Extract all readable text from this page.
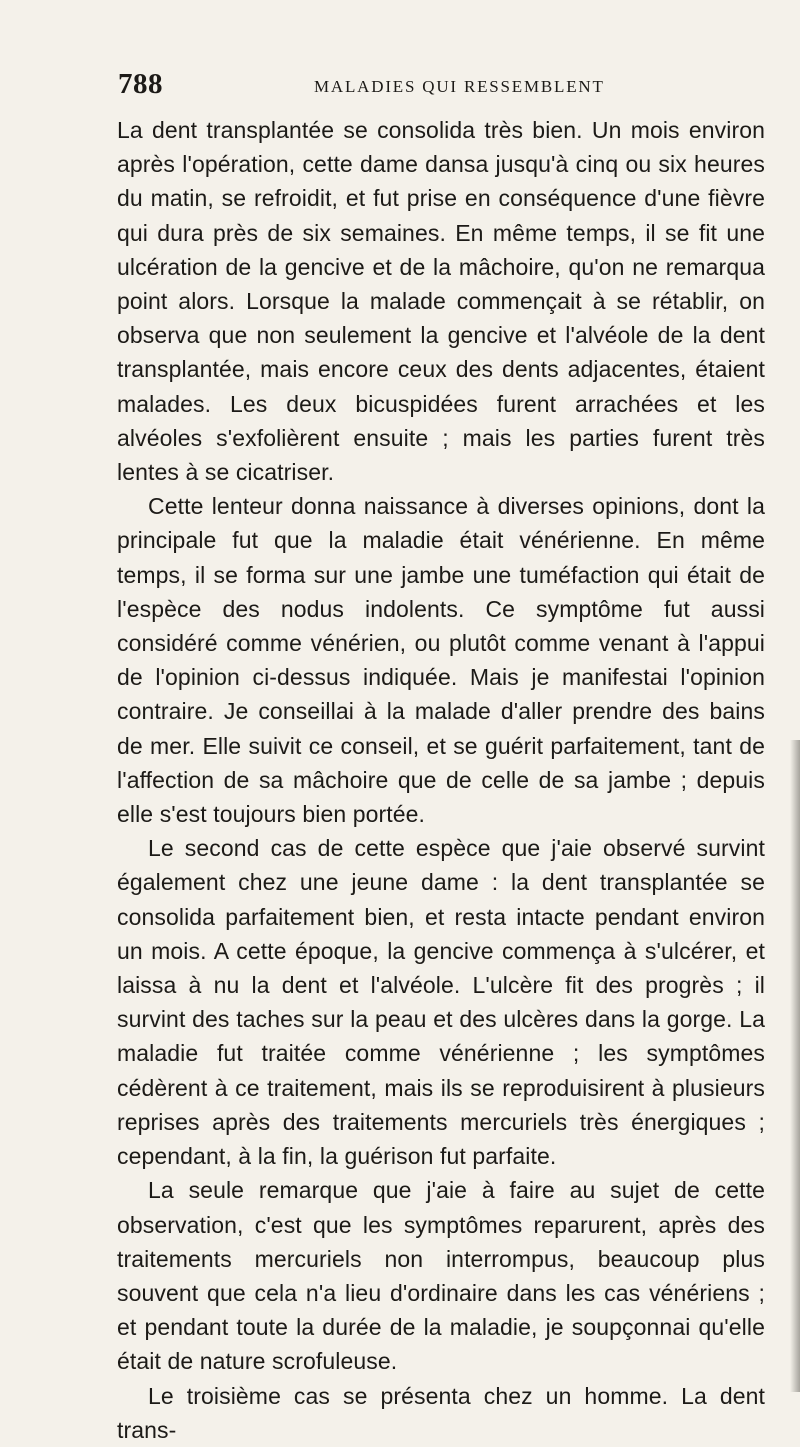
788	MALADIES QUI RESSEMBLENT

La dent transplantée se consolida très bien. Un mois environ après l'opération, cette dame dansa jusqu'à cinq ou six heures du matin, se refroidit, et fut prise en conséquence d'une fièvre qui dura près de six semaines. En même temps, il se fit une ulcération de la gencive et de la mâchoire, qu'on ne remarqua point alors. Lorsque la malade commençait à se rétablir, on observa que non seulement la gencive et l'alvéole de la dent transplantée, mais encore ceux des dents adjacentes, étaient malades. Les deux bicuspidées furent arrachées et les alvéoles s'exfolièrent ensuite ; mais les parties furent très lentes à se cicatriser.

Cette lenteur donna naissance à diverses opinions, dont la principale fut que la maladie était vénérienne. En même temps, il se forma sur une jambe une tuméfaction qui était de l'espèce des nodus indolents. Ce symptôme fut aussi considéré comme vénérien, ou plutôt comme venant à l'appui de l'opinion ci-dessus indiquée. Mais je manifestai l'opinion contraire. Je conseillai à la malade d'aller prendre des bains de mer. Elle suivit ce conseil, et se guérit parfaitement, tant de l'affection de sa mâchoire que de celle de sa jambe ; depuis elle s'est toujours bien portée.

Le second cas de cette espèce que j'aie observé survint également chez une jeune dame : la dent transplantée se consolida parfaitement bien, et resta intacte pendant environ un mois. A cette époque, la gencive commença à s'ulcérer, et laissa à nu la dent et l'alvéole. L'ulcère fit des progrès ; il survint des taches sur la peau et des ulcères dans la gorge. La maladie fut traitée comme vénérienne ; les symptômes cédèrent à ce traitement, mais ils se reproduisirent à plusieurs reprises après des traitements mercuriels très énergiques ; cependant, à la fin, la guérison fut parfaite.

La seule remarque que j'aie à faire au sujet de cette observation, c'est que les symptômes reparurent, après des traitements mercuriels non interrompus, beaucoup plus souvent que cela n'a lieu d'ordinaire dans les cas vénériens ; et pendant toute la durée de la maladie, je soupçonnai qu'elle était de nature scrofuleuse.

Le troisième cas se présenta chez un homme. La dent trans-
